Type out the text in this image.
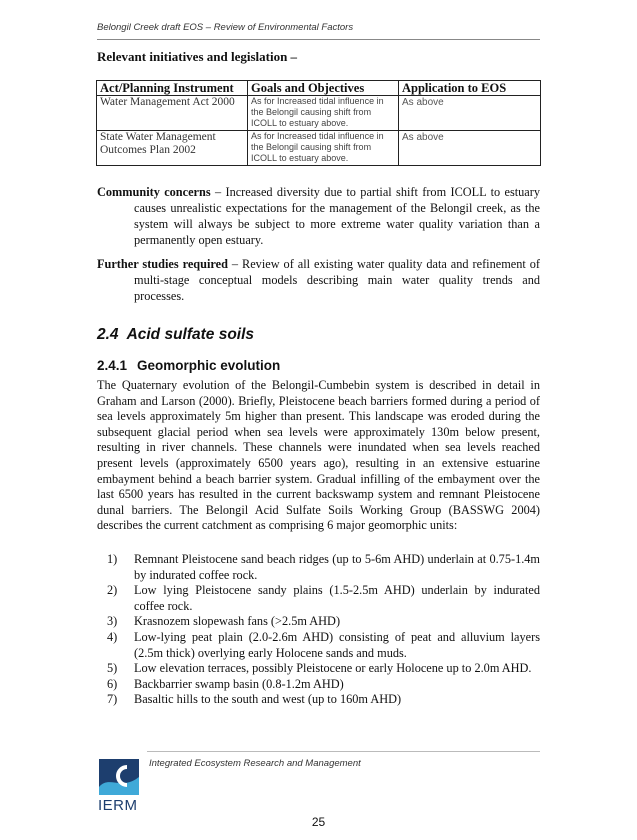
Belongil Creek draft EOS – Review of Environmental Factors
Relevant initiatives and legislation –
Act/Planning Instrument	Goals and Objectives	Application to EOS
Water Management Act 2000	As for Increased tidal influence in the Belongil causing shift from ICOLL to estuary above.	As above
State Water Management Outcomes Plan 2002	As for Increased tidal influence in the Belongil causing shift from ICOLL to estuary above.	As above
Community concerns – Increased diversity due to partial shift from ICOLL to estuary causes unrealistic expectations for the management of the Belongil creek, as the system will always be subject to more extreme water quality variation than a permanently open estuary.
Further studies required – Review of all existing water quality data and refinement of multi-stage conceptual models describing main water quality trends and processes.
2.4 Acid sulfate soils
2.4.1 Geomorphic evolution
The Quaternary evolution of the Belongil-Cumbebin system is described in detail in Graham and Larson (2000). Briefly, Pleistocene beach barriers formed during a period of sea levels approximately 5m higher than present. This landscape was eroded during the subsequent glacial period when sea levels were approximately 130m below present, resulting in river channels. These channels were inundated when sea levels reached present levels (approximately 6500 years ago), resulting in an extensive estuarine embayment behind a beach barrier system. Gradual infilling of the embayment over the last 6500 years has resulted in the current backswamp system and remnant Pleistocene dunal barriers. The Belongil Acid Sulfate Soils Working Group (BASSWG 2004) describes the current catchment as comprising 6 major geomorphic units:
1) Remnant Pleistocene sand beach ridges (up to 5-6m AHD) underlain at 0.75-1.4m by indurated coffee rock.
2) Low lying Pleistocene sandy plains (1.5-2.5m AHD) underlain by indurated coffee rock.
3) Krasnozem slopewash fans (>2.5m AHD)
4) Low-lying peat plain (2.0-2.6m AHD) consisting of peat and alluvium layers (2.5m thick) overlying early Holocene sands and muds.
5) Low elevation terraces, possibly Pleistocene or early Holocene up to 2.0m AHD.
6) Backbarrier swamp basin (0.8-1.2m AHD)
7) Basaltic hills to the south and west (up to 160m AHD)
Integrated Ecosystem Research and Management
IERM
25
